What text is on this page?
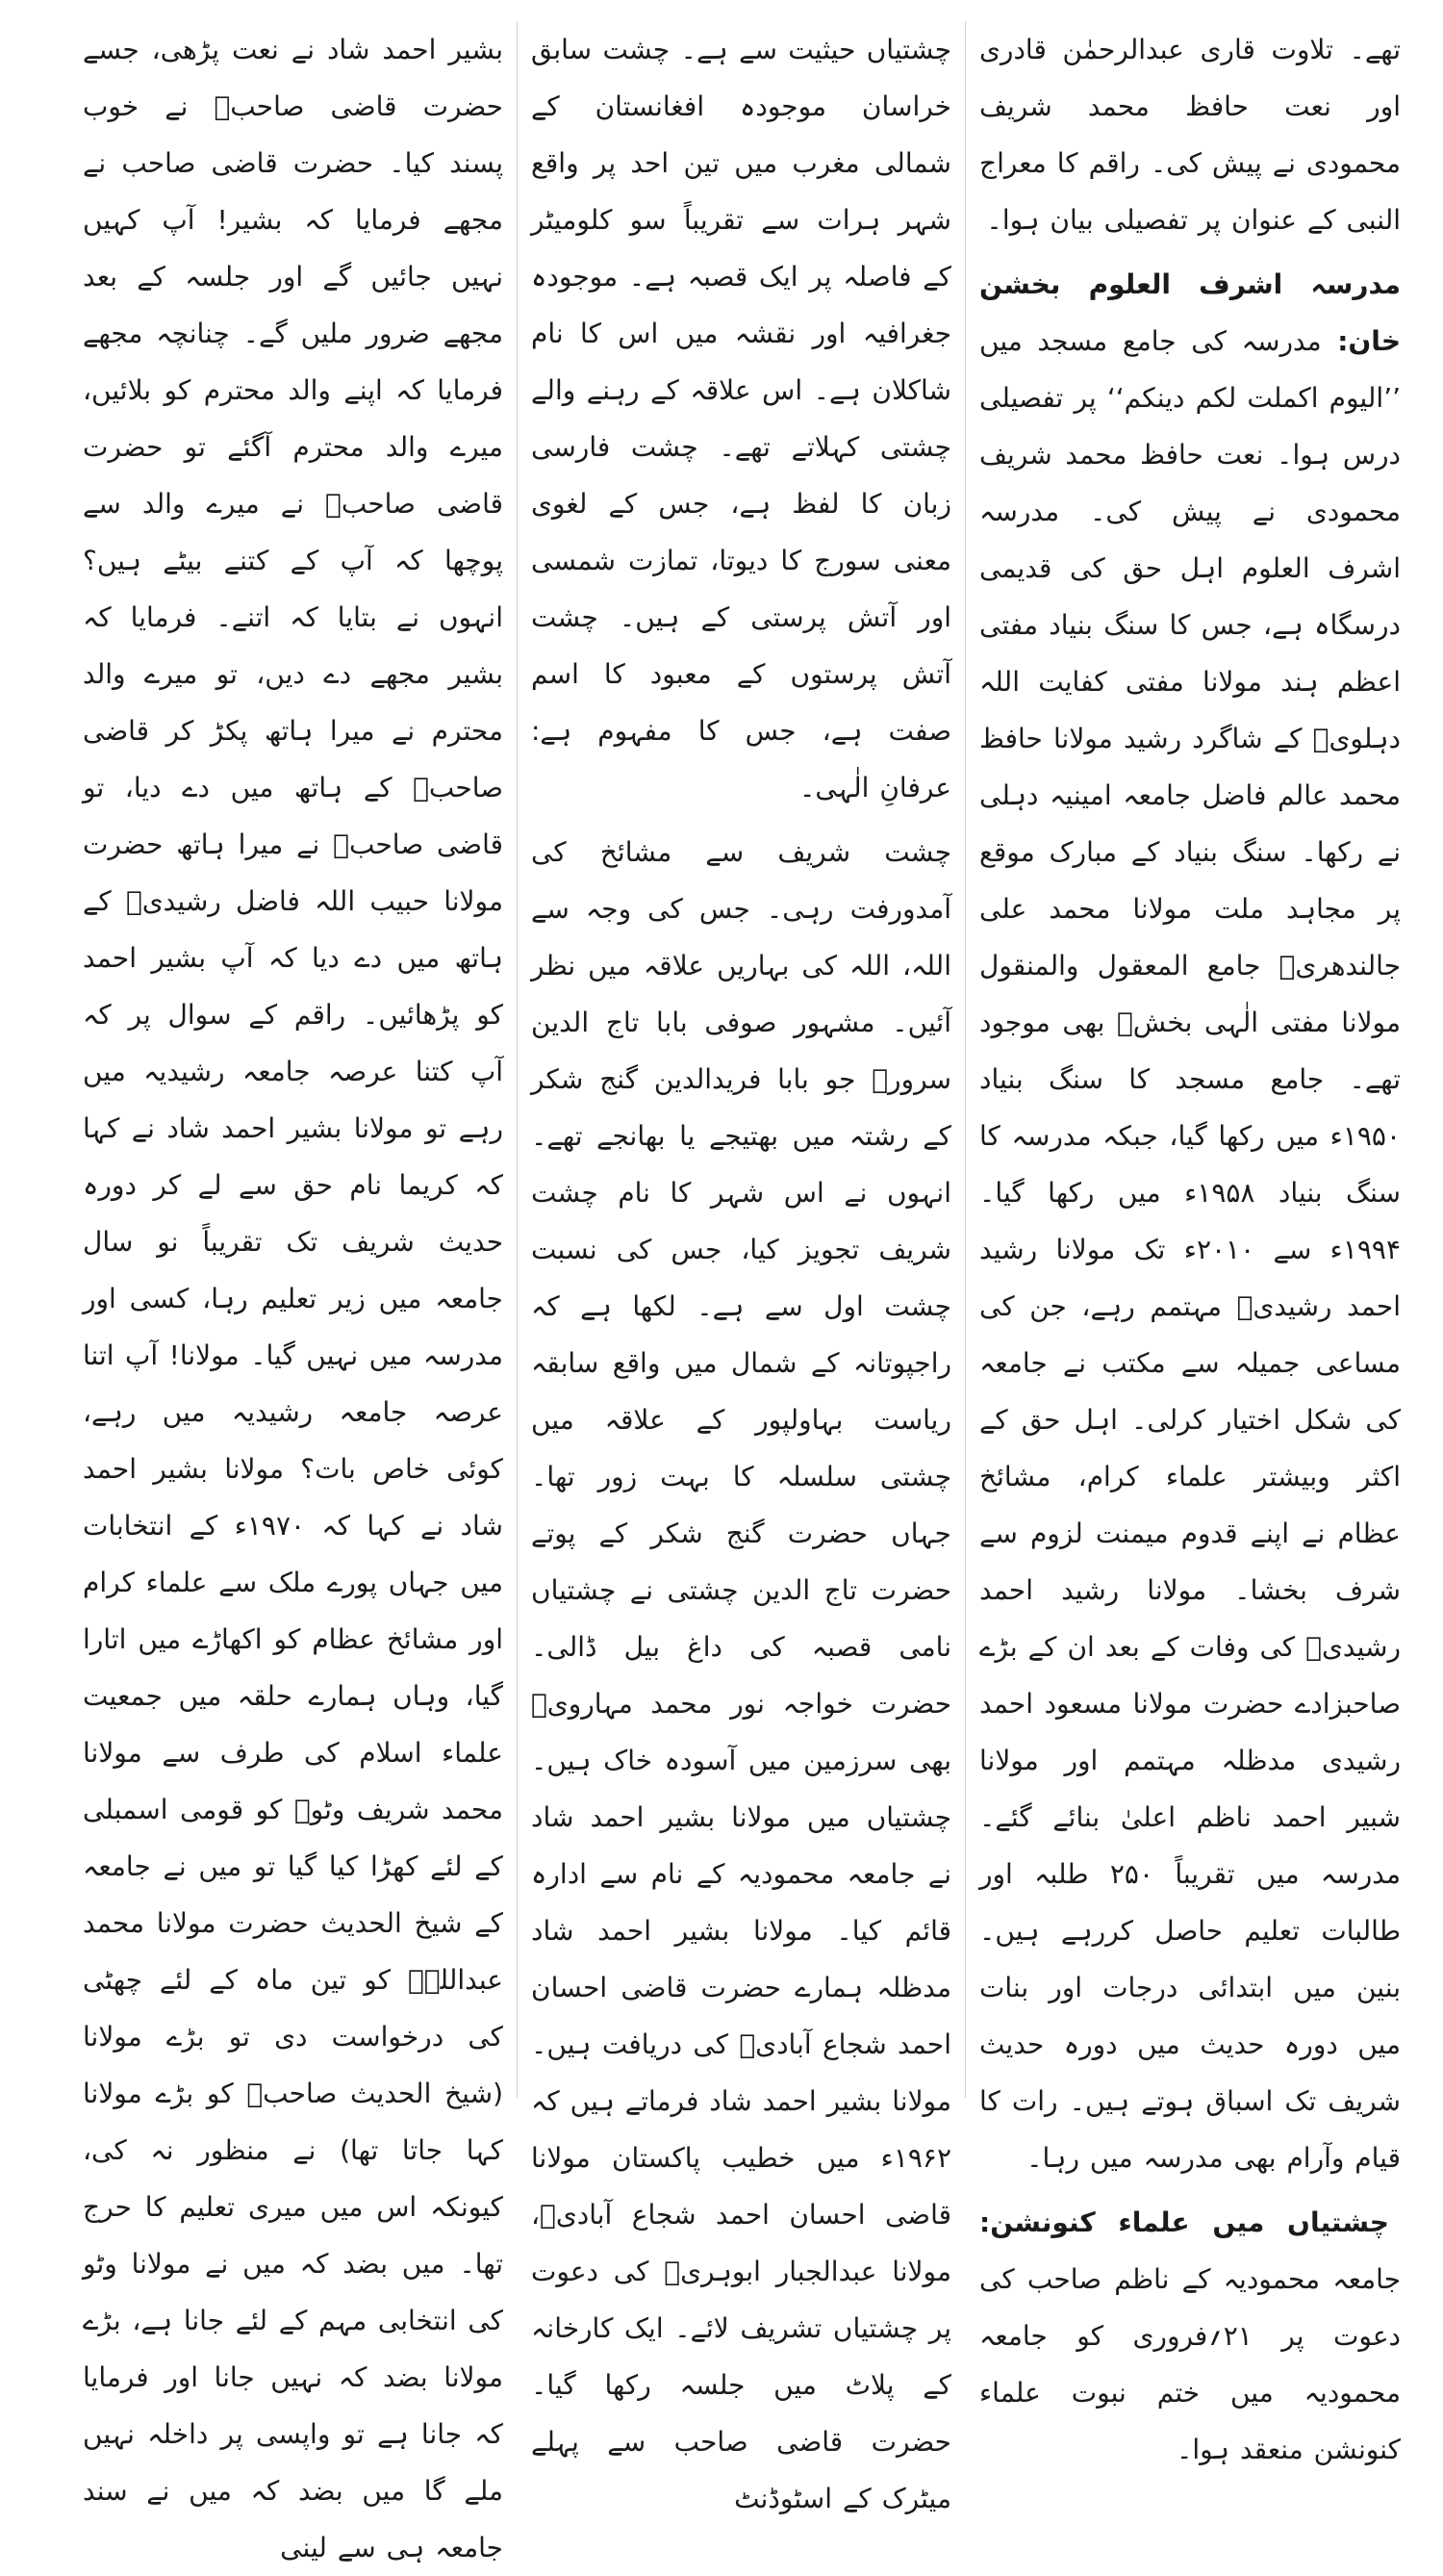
تھے۔ تلاوت قاری عبدالرحمٰن قادری اور نعت حافظ محمد شریف محمودی نے پیش کی۔ راقم کا معراج النبی کے عنوان پر تفصیلی بیان ہوا۔

مدرسہ اشرف العلوم بخشن خان: مدرسہ کی جامع مسجد میں ’’الیوم اکملت لکم دینکم‘‘ پر تفصیلی درس ہوا۔ نعت حافظ محمد شریف محمودی نے پیش کی۔ مدرسہ اشرف العلوم اہل حق کی قدیمی درسگاہ ہے، جس کا سنگ بنیاد مفتی اعظم ہند مولانا مفتی کفایت اللہ دہلویؒ کے شاگرد رشید مولانا حافظ محمد عالم فاضل جامعہ امینیہ دہلی نے رکھا۔ سنگ بنیاد کے مبارک موقع پر مجاہد ملت مولانا محمد علی جالندھریؒ جامع المعقول والمنقول مولانا مفتی الٰہی بخشؒ بھی موجود تھے۔ جامع مسجد کا سنگ بنیاد ۱۹۵۰ء میں رکھا گیا، جبکہ مدرسہ کا سنگ بنیاد ۱۹۵۸ء میں رکھا گیا۔ ۱۹۹۴ء سے ۲۰۱۰ء تک مولانا رشید احمد رشیدیؒ مہتمم رہے، جن کی مساعی جمیلہ سے مکتب نے جامعہ کی شکل اختیار کرلی۔ اہل حق کے اکثر وبیشتر علماء کرام، مشائخ عظام نے اپنے قدوم میمنت لزوم سے شرف بخشا۔ مولانا رشید احمد رشیدیؒ کی وفات کے بعد ان کے بڑے صاحبزادے حضرت مولانا مسعود احمد رشیدی مدظلہ مہتمم اور مولانا شبیر احمد ناظم اعلیٰ بنائے گئے۔ مدرسہ میں تقریباً ۲۵۰ طلبہ اور طالبات تعلیم حاصل کررہے ہیں۔ بنین میں ابتدائی درجات اور بنات میں دورہ حدیث میں دورہ حدیث شریف تک اسباق ہوتے ہیں۔ رات کا قیام وآرام بھی مدرسہ میں رہا۔

چشتیاں میں علماء کنونشن: جامعہ محمودیہ کے ناظم صاحب کی دعوت پر ۲۱؍فروری کو جامعہ محمودیہ میں ختم نبوت علماء کنونشن منعقد ہوا۔

چشتیاں حیثیت سے ہے۔ چشت سابق خراسان موجودہ افغانستان کے شمالی مغرب میں تین احد پر واقع شہر ہرات سے تقریباً سو کلومیٹر کے فاصلہ پر ایک قصبہ ہے۔ موجودہ جغرافیہ اور نقشہ میں اس کا نام شاکلان ہے۔ اس علاقہ کے رہنے والے چشتی کہلاتے تھے۔ چشت فارسی زبان کا لفظ ہے، جس کے لغوی معنی سورج کا دیوتا، تمازت شمسی اور آتش پرستی کے ہیں۔ چشت آتش پرستوں کے معبود کا اسم صفت ہے، جس کا مفہوم ہے: عرفانِ الٰہی۔

چشت شریف سے مشائخ کی آمدورفت رہی۔ جس کی وجہ سے اللہ، اللہ کی بہاریں علاقہ میں نظر آئیں۔ مشہور صوفی بابا تاج الدین سرورؒ جو بابا فریدالدین گنج شکر کے رشتہ میں بھتیجے یا بھانجے تھے۔ انہوں نے اس شہر کا نام چشت شریف تجویز کیا، جس کی نسبت چشت اول سے ہے۔ لکھا ہے کہ راجپوتانہ کے شمال میں واقع سابقہ ریاست بہاولپور کے علاقہ میں چشتی سلسلہ کا بہت زور تھا۔ جہاں حضرت گنج شکر کے پوتے حضرت تاج الدین چشتی نے چشتیاں نامی قصبہ کی داغ بیل ڈالی۔ حضرت خواجہ نور محمد مہارویؒ بھی سرزمین میں آسودہ خاک ہیں۔ چشتیاں میں مولانا بشیر احمد شاد نے جامعہ محمودیہ کے نام سے ادارہ قائم کیا۔ مولانا بشیر احمد شاد مدظلہ ہمارے حضرت قاضی احسان احمد شجاع آبادیؒ کی دریافت ہیں۔ مولانا بشیر احمد شاد فرماتے ہیں کہ ۱۹۶۲ء میں خطیب پاکستان مولانا قاضی احسان احمد شجاع آبادیؒ، مولانا عبدالجبار ابوہریؒ کی دعوت پر چشتیاں تشریف لائے۔ ایک کارخانہ کے پلاٹ میں جلسہ رکھا گیا۔ حضرت قاضی صاحب سے پہلے میٹرک کے اسٹوڈنٹ

بشیر احمد شاد نے نعت پڑھی، جسے حضرت قاضی صاحبؒ نے خوب پسند کیا۔ حضرت قاضی صاحب نے مجھے فرمایا کہ بشیر! آپ کہیں نہیں جائیں گے اور جلسہ کے بعد مجھے ضرور ملیں گے۔ چنانچہ مجھے فرمایا کہ اپنے والد محترم کو بلائیں، میرے والد محترم آگئے تو حضرت قاضی صاحبؒ نے میرے والد سے پوچھا کہ آپ کے کتنے بیٹے ہیں؟ انہوں نے بتایا کہ اتنے۔ فرمایا کہ بشیر مجھے دے دیں، تو میرے والد محترم نے میرا ہاتھ پکڑ کر قاضی صاحبؒ کے ہاتھ میں دے دیا، تو قاضی صاحبؒ نے میرا ہاتھ حضرت مولانا حبیب اللہ فاضل رشیدیؒ کے ہاتھ میں دے دیا کہ آپ بشیر احمد کو پڑھائیں۔ راقم کے سوال پر کہ آپ کتنا عرصہ جامعہ رشیدیہ میں رہے تو مولانا بشیر احمد شاد نے کہا کہ کریما نام حق سے لے کر دورہ حدیث شریف تک تقریباً نو سال جامعہ میں زیر تعلیم رہا، کسی اور مدرسہ میں نہیں گیا۔ مولانا! آپ اتنا عرصہ جامعہ رشیدیہ میں رہے، کوئی خاص بات؟ مولانا بشیر احمد شاد نے کہا کہ ۱۹۷۰ء کے انتخابات میں جہاں پورے ملک سے علماء کرام اور مشائخ عظام کو اکھاڑے میں اتارا گیا، وہاں ہمارے حلقہ میں جمعیت علماء اسلام کی طرف سے مولانا محمد شریف وٹوؒ کو قومی اسمبلی کے لئے کھڑا کیا گیا تو میں نے جامعہ کے شیخ الحدیث حضرت مولانا محمد عبداللہؒ کو تین ماہ کے لئے چھٹی کی درخواست دی تو بڑے مولانا (شیخ الحدیث صاحبؒ کو بڑے مولانا کہا جاتا تھا) نے منظور نہ کی، کیونکہ اس میں میری تعلیم کا حرج تھا۔ میں بضد کہ میں نے مولانا وٹو کی انتخابی مہم کے لئے جانا ہے، بڑے مولانا بضد کہ نہیں جانا اور فرمایا کہ جانا ہے تو واپسی پر داخلہ نہیں ملے گا میں بضد کہ میں نے سند جامعہ ہی سے لینی
